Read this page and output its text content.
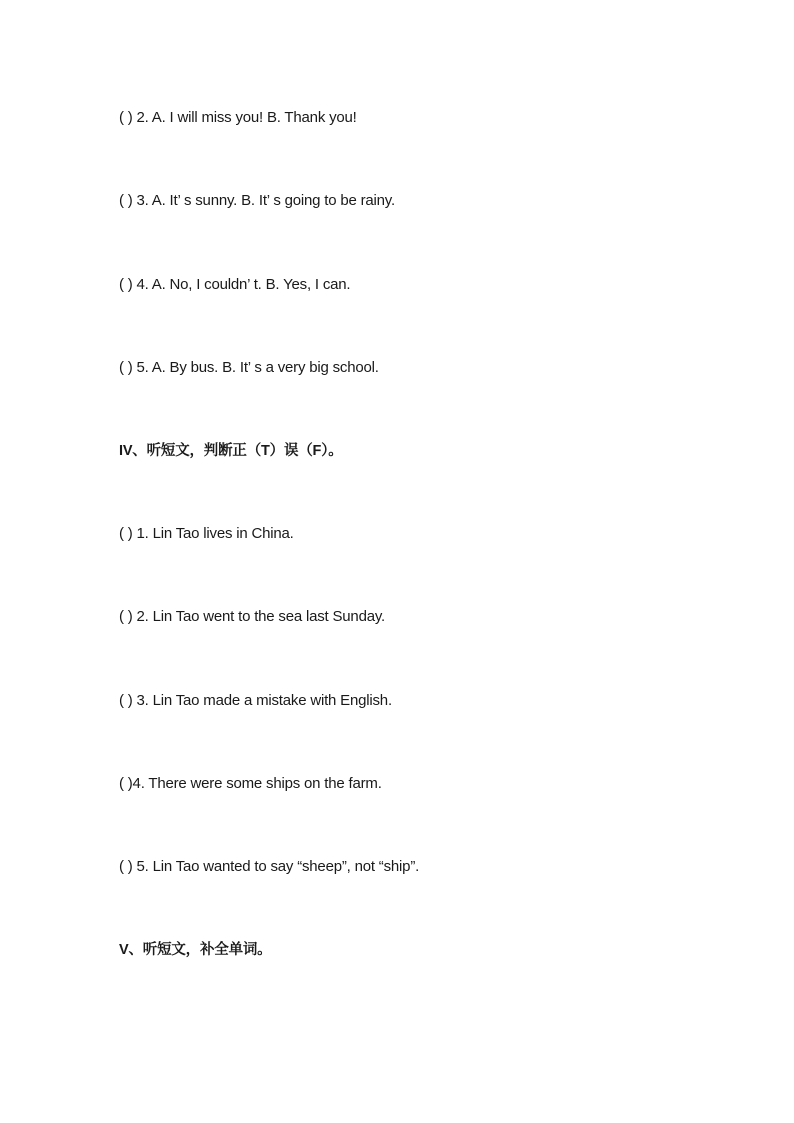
( ) 2. A. I will miss you! B. Thank you!
( ) 3. A. It’ s sunny. B. It’ s going to be rainy.
( ) 4. A. No, I couldn’ t. B. Yes, I can.
( ) 5. A. By bus. B. It’ s a very big school.
IV、听短文，判断正（T）误（F）。
( ) 1. Lin Tao lives in China.
( ) 2. Lin Tao went to the sea last Sunday.
( ) 3. Lin Tao made a mistake with English.
( )4. There were some ships on the farm.
( ) 5. Lin Tao wanted to say “sheep”, not “ship”.
V、听短文，补全单词。
